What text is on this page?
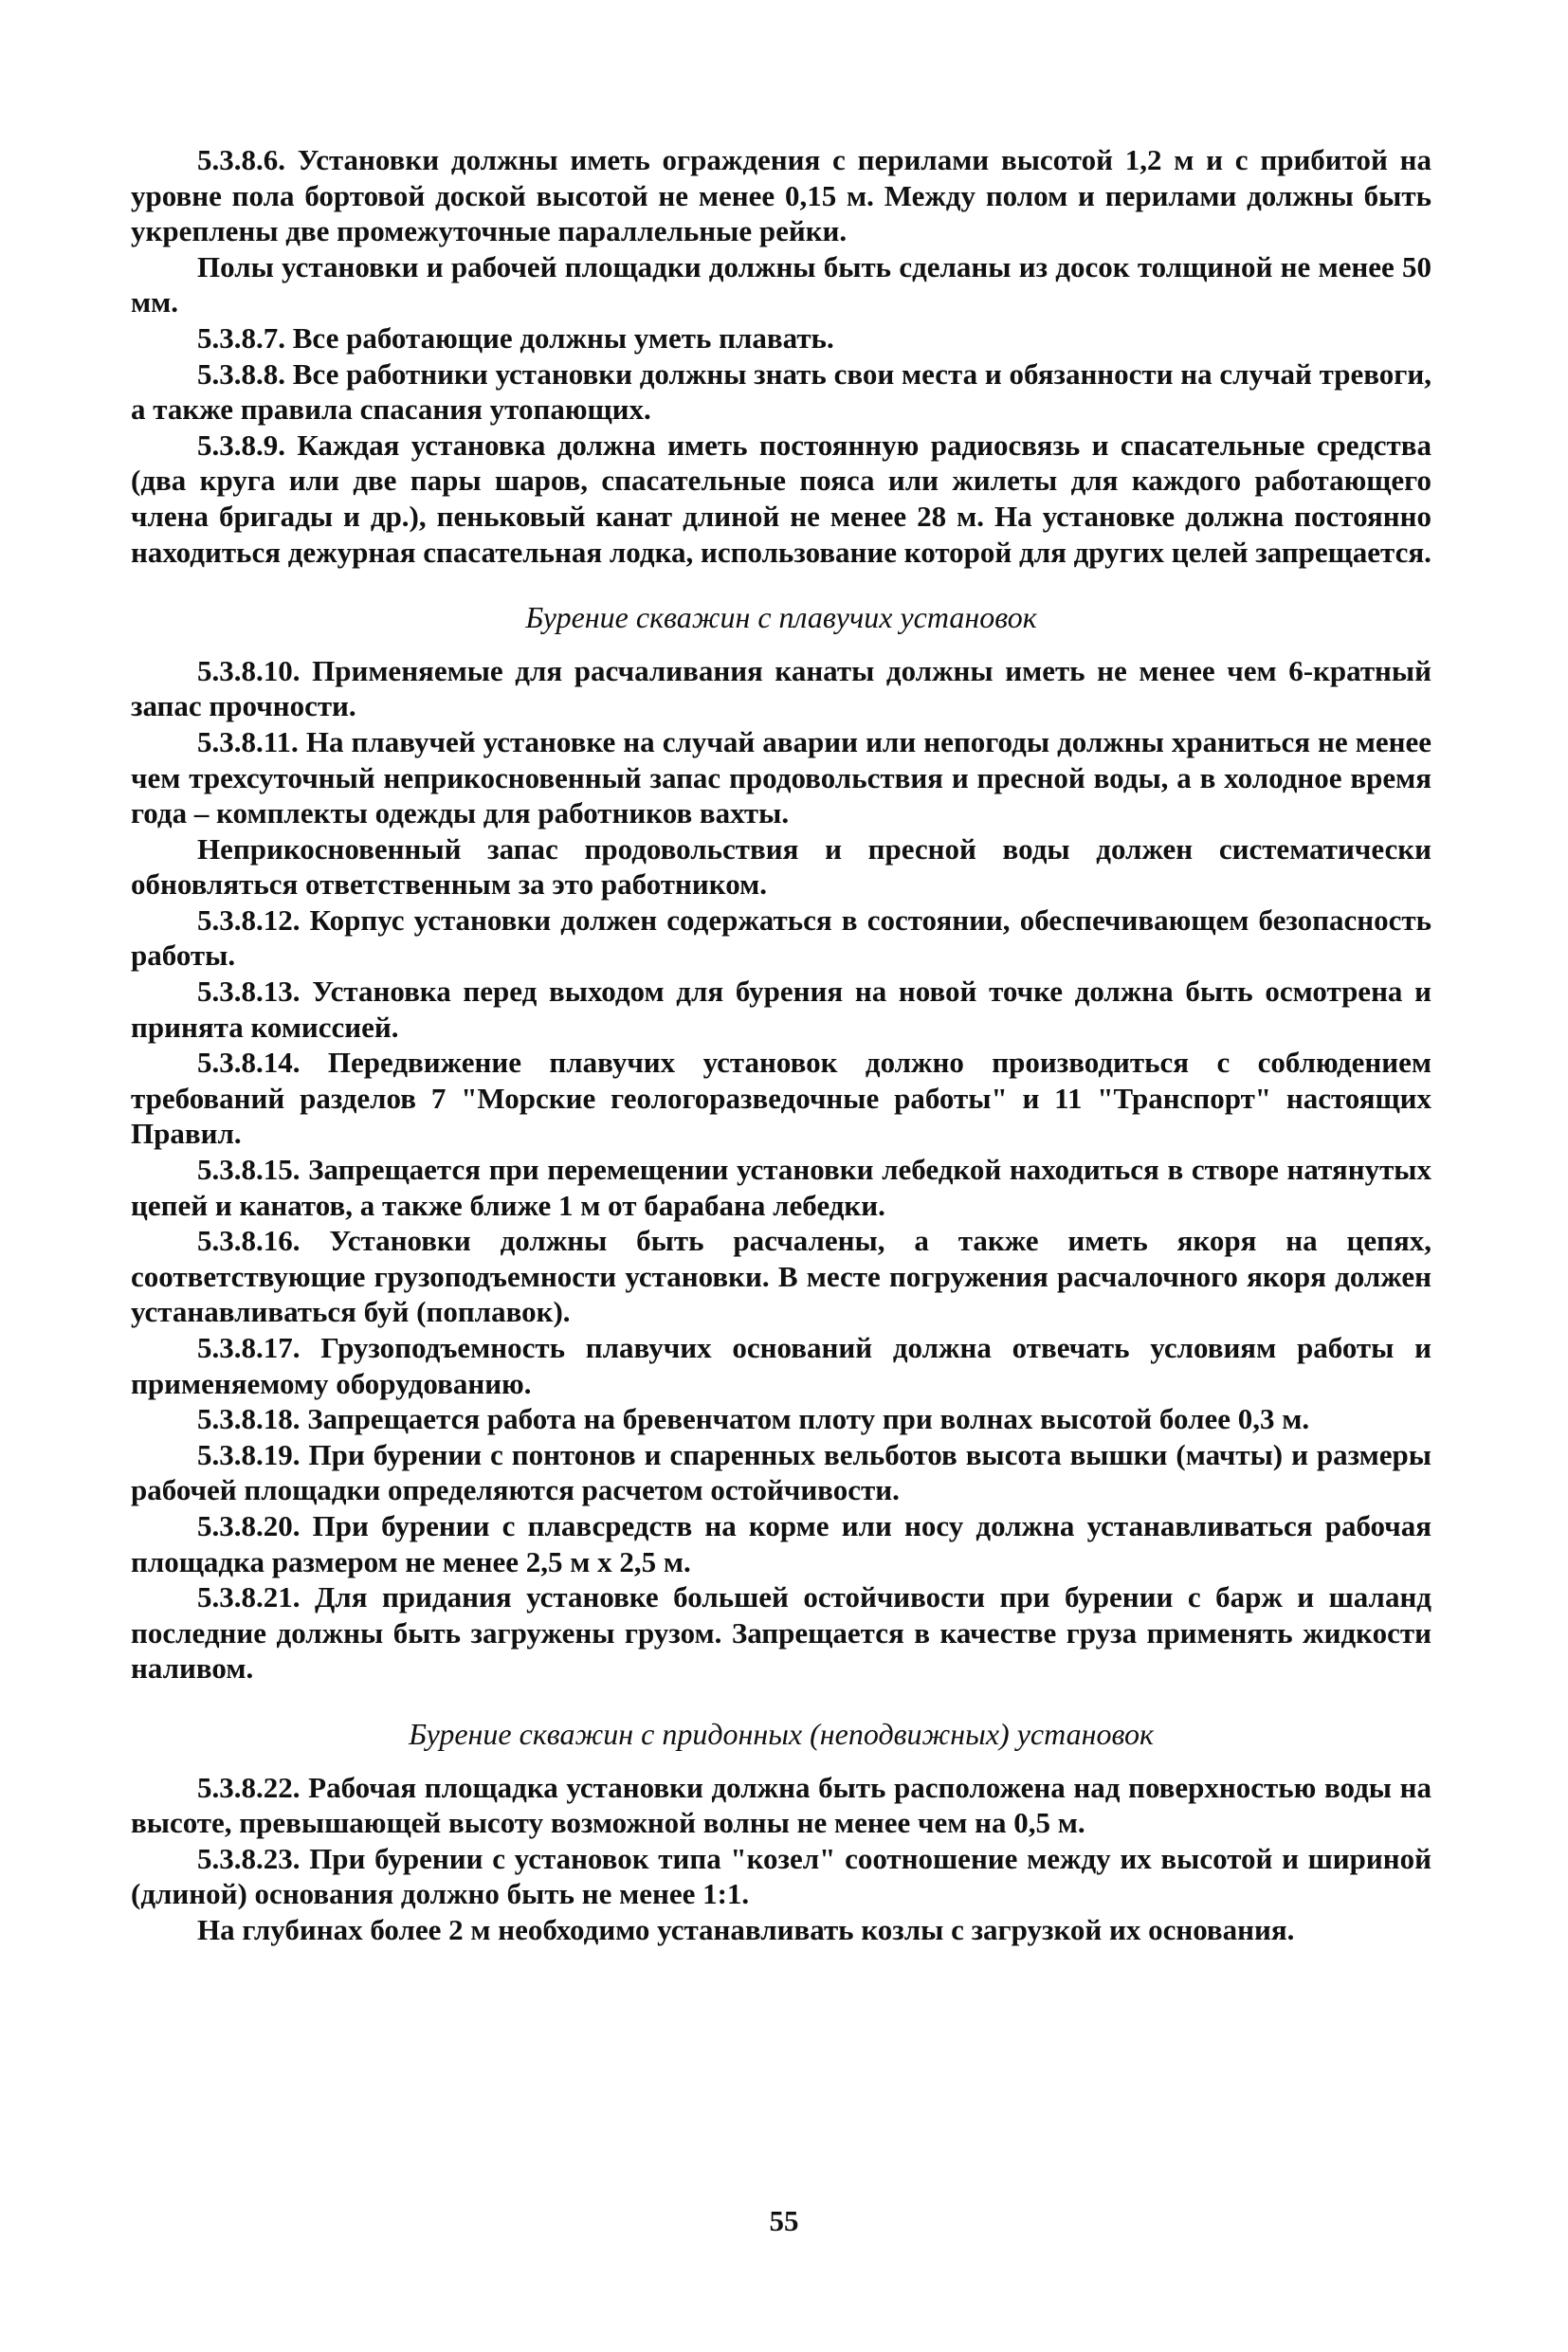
5.3.8.6. Установки должны иметь ограждения с перилами высотой 1,2 м и с прибитой на уровне пола бортовой доской высотой не менее 0,15 м. Между полом и перилами должны быть укреплены две промежуточные параллельные рейки.

Полы установки и рабочей площадки должны быть сделаны из досок толщиной не менее 50 мм.

5.3.8.7. Все работающие должны уметь плавать.

5.3.8.8. Все работники установки должны знать свои места и обязанности на случай тревоги, а также правила спасания утопающих.

5.3.8.9. Каждая установка должна иметь постоянную радиосвязь и спасательные средства (два круга или две пары шаров, спасательные пояса или жилеты для каждого работающего члена бригады и др.), пеньковый канат длиной не менее 28 м. На установке должна постоянно находиться дежурная спасательная лодка, использование которой для других целей запрещается.

Бурение скважин с плавучих установок

5.3.8.10. Применяемые для расчаливания канаты должны иметь не менее чем 6-кратный запас прочности.

5.3.8.11. На плавучей установке на случай аварии или непогоды должны храниться не менее чем трехсуточный неприкосновенный запас продовольствия и пресной воды, а в холодное время года – комплекты одежды для работников вахты.

Неприкосновенный запас продовольствия и пресной воды должен систематически обновляться ответственным за это работником.

5.3.8.12. Корпус установки должен содержаться в состоянии, обеспечивающем безопасность работы.

5.3.8.13. Установка перед выходом для бурения на новой точке должна быть осмотрена и принята комиссией.

5.3.8.14. Передвижение плавучих установок должно производиться с соблюдением требований разделов 7 "Морские геологоразведочные работы" и 11 "Транспорт" настоящих Правил.

5.3.8.15. Запрещается при перемещении установки лебедкой находиться в створе натянутых цепей и канатов, а также ближе 1 м от барабана лебедки.

5.3.8.16. Установки должны быть расчалены, а также иметь якоря на цепях, соответствующие грузоподъемности установки. В месте погружения расчалочного якоря должен устанавливаться буй (поплавок).

5.3.8.17. Грузоподъемность плавучих оснований должна отвечать условиям работы и применяемому оборудованию.

5.3.8.18. Запрещается работа на бревенчатом плоту при волнах высотой более 0,3 м.

5.3.8.19. При бурении с понтонов и спаренных вельботов высота вышки (мачты) и размеры рабочей площадки определяются расчетом остойчивости.

5.3.8.20. При бурении с плавсредств на корме или носу должна устанавливаться рабочая площадка размером не менее 2,5 м х 2,5 м.

5.3.8.21. Для придания установке большей остойчивости при бурении с барж и шаланд последние должны быть загружены грузом. Запрещается в качестве груза применять жидкости наливом.

Бурение скважин с придонных (неподвижных) установок

5.3.8.22. Рабочая площадка установки должна быть расположена над поверхностью воды на высоте, превышающей высоту возможной волны не менее чем на 0,5 м.

5.3.8.23. При бурении с установок типа "козел" соотношение между их высотой и шириной (длиной) основания должно быть не менее 1:1.

На глубинах более 2 м необходимо устанавливать козлы с загрузкой их основания.

55
